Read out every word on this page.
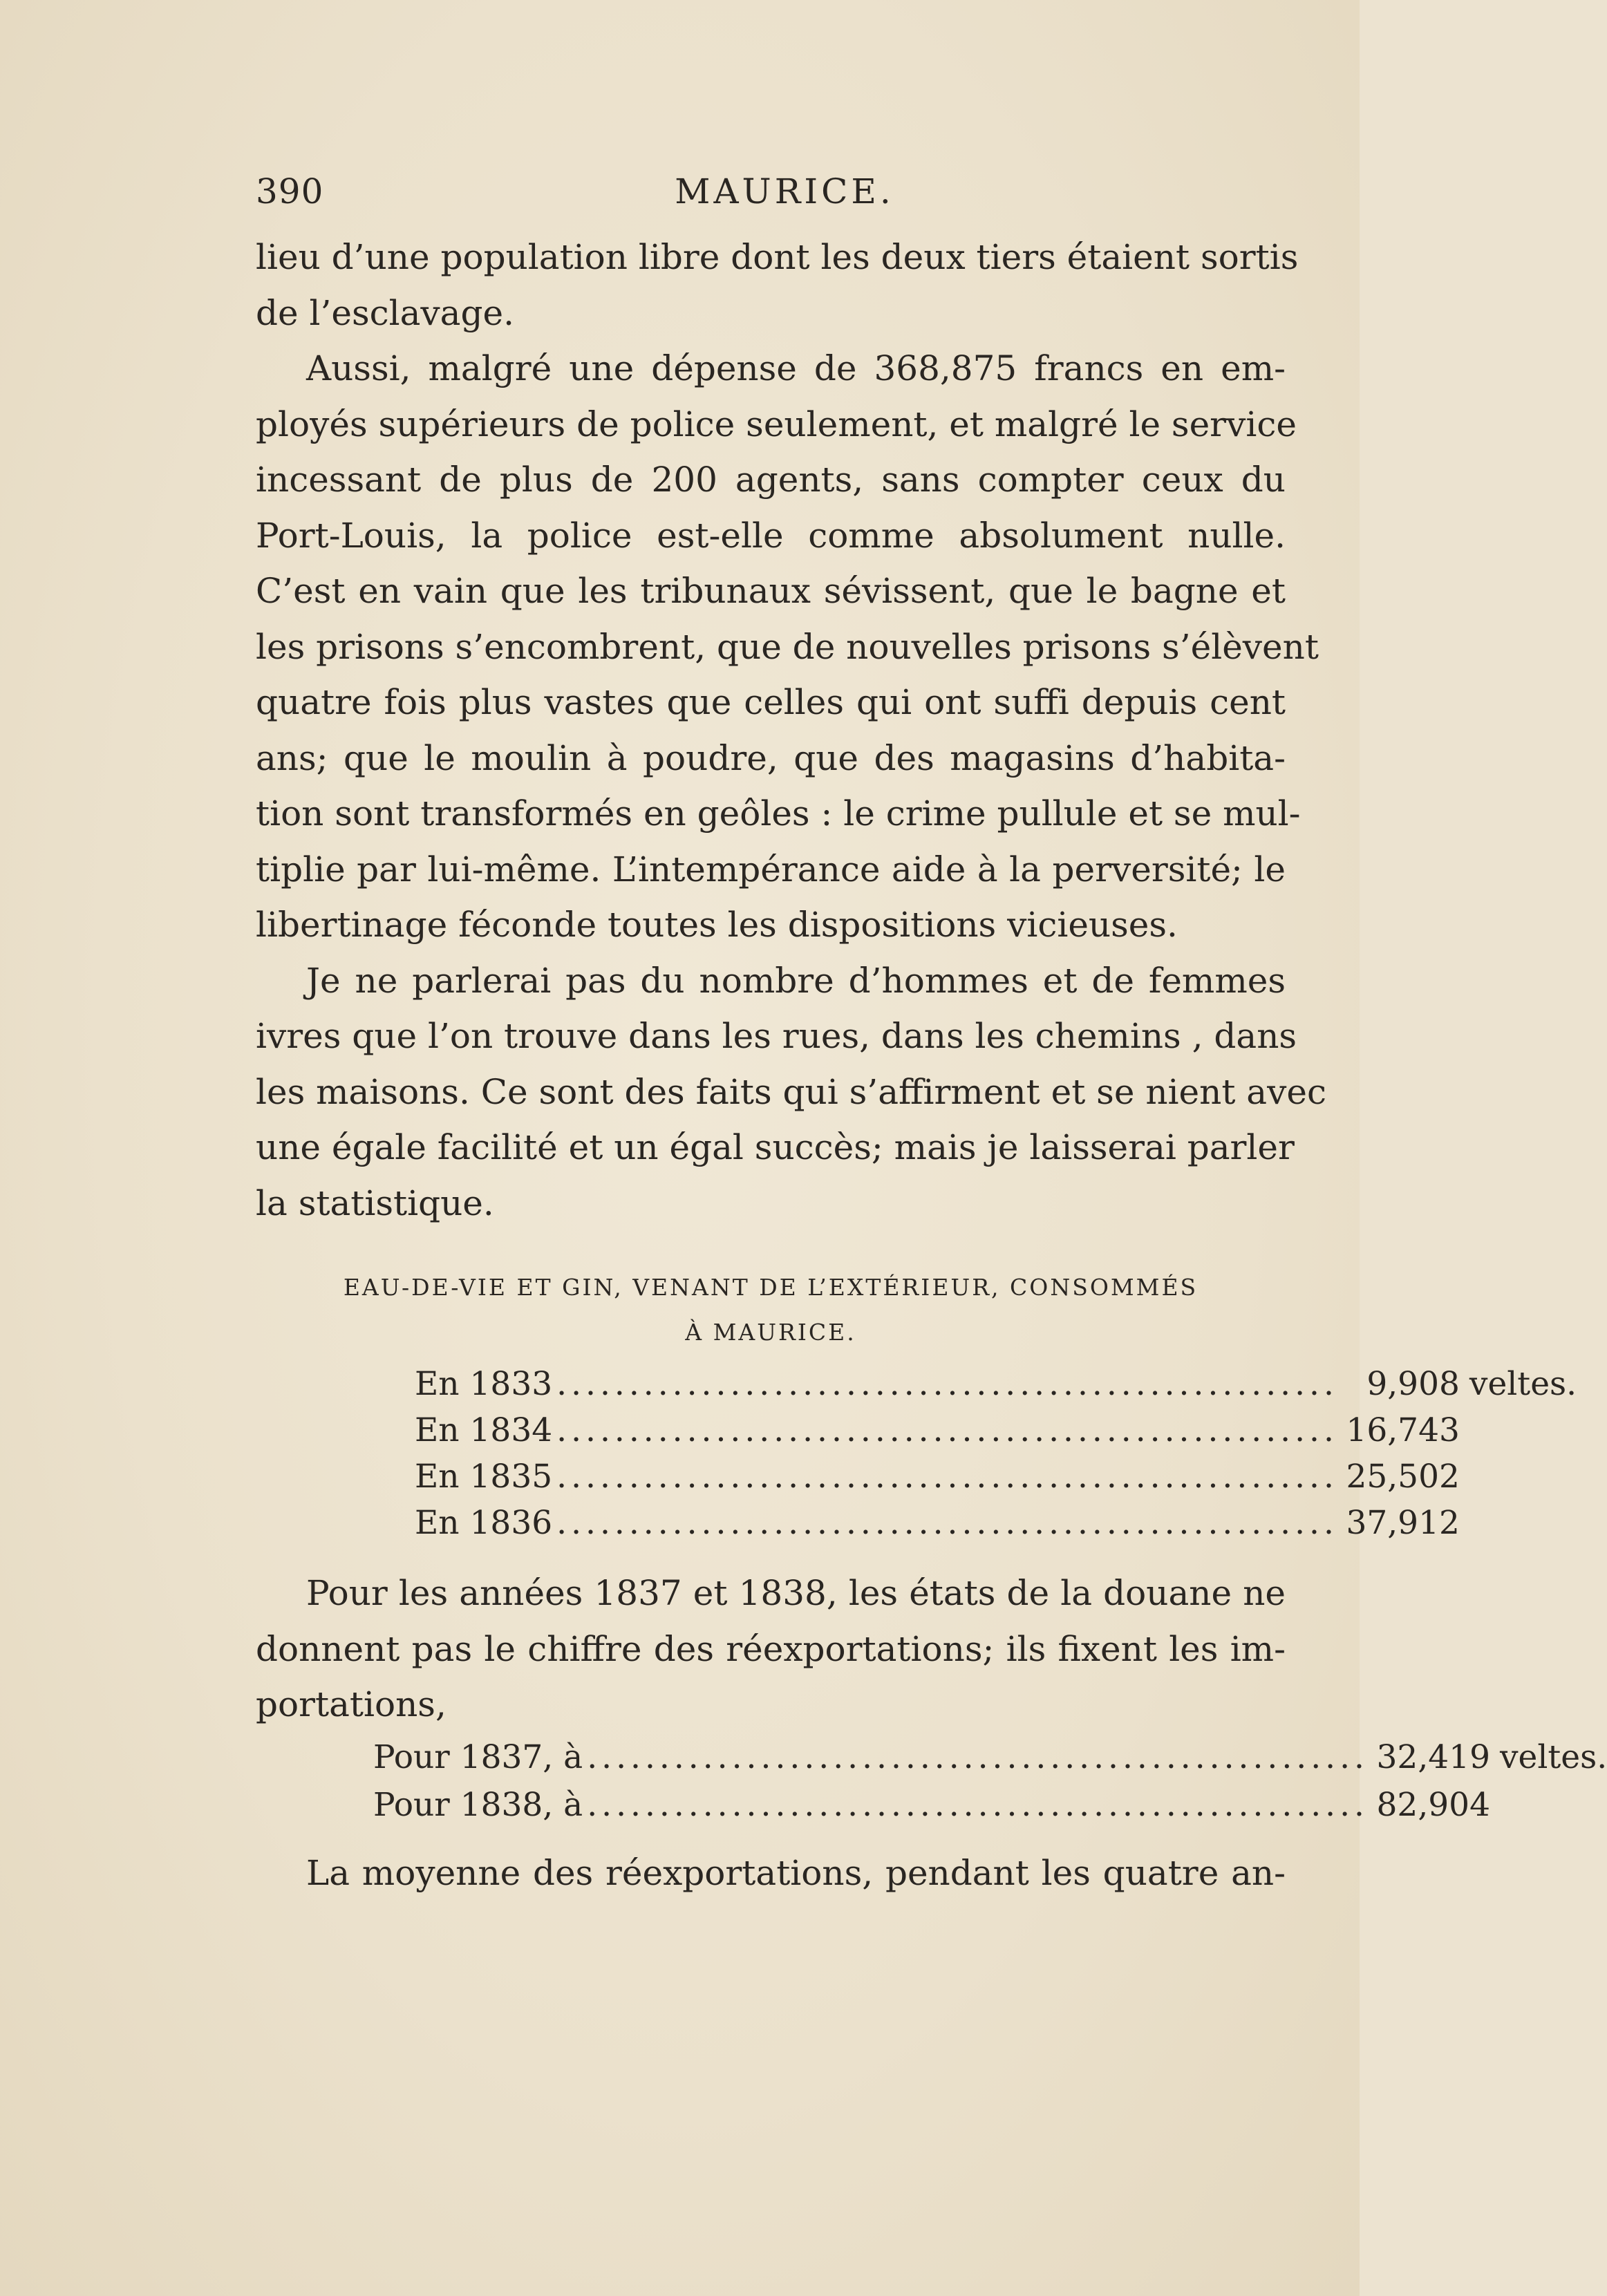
390	MAURICE.
lieu d’une population libre dont les deux tiers étaient sortis
de l’esclavage.
Aussi, malgré une dépense de 368,875 francs en em-
ployés supérieurs de police seulement, et malgré le service
incessant de plus de 200 agents, sans compter ceux du
Port-Louis, la police est-elle comme absolument nulle.
C’est en vain que les tribunaux sévissent, que le bagne et
les prisons s’encombrent, que de nouvelles prisons s’élèvent
quatre fois plus vastes que celles qui ont suffi depuis cent
ans; que le moulin à poudre, que des magasins d’habita-
tion sont transformés en geôles : le crime pullule et se mul-
tiplie par lui-même. L’intempérance aide à la perversité; le
libertinage féconde toutes les dispositions vicieuses.
Je ne parlerai pas du nombre d’hommes et de femmes
ivres que l’on trouve dans les rues, dans les chemins , dans
les maisons. Ce sont des faits qui s’affirment et se nient avec
une égale facilité et un égal succès; mais je laisserai parler
la statistique.
EAU-DE-VIE ET GIN, VENANT DE L’EXTÉRIEUR, CONSOMMÉS
À MAURICE.
En 1833 ...................................................... 9,908 veltes.
En 1834 ...................................................... 16,743
En 1835 ...................................................... 25,502
En 1836 ...................................................... 37,912
Pour les années 1837 et 1838, les états de la douane ne
donnent pas le chiffre des réexportations; ils fixent les im-
portations,
Pour 1837, à ...................................................... 32,419 veltes.
Pour 1838, à ...................................................... 82,904
La moyenne des réexportations, pendant les quatre an-
